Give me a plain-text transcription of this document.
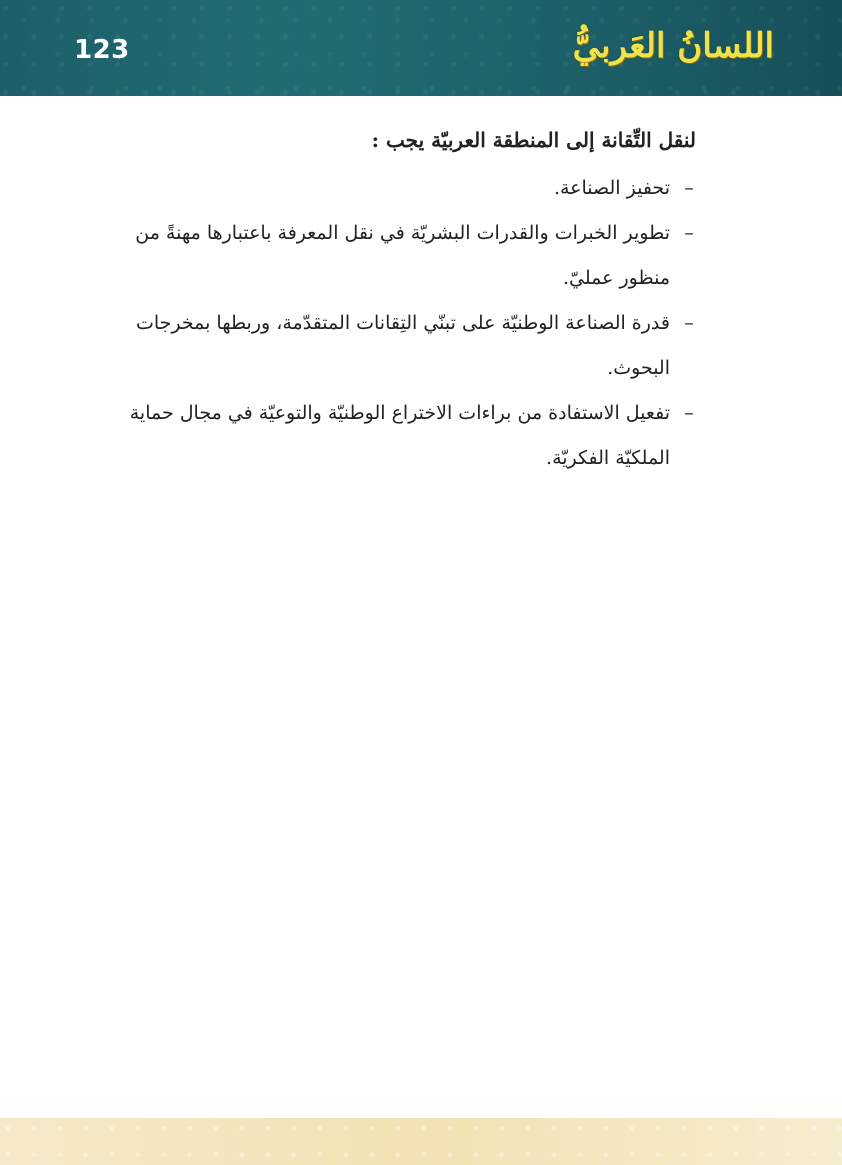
123	اللسانُ العَربيُّ

لنقل التِّقانة إلى المنطقة العربيّة يجب :

–
تحفيز الصناعة.
–
تطوير الخبرات والقدرات البشريّة في نقل المعرفة باعتبارها مهنةً من منظور عمليّ.
–
قدرة الصناعة الوطنيّة على تبنّي التِقانات المتقدّمة، وربطها بمخرجات البحوث.
–
تفعيل الاستفادة من براءات الاختراع الوطنيّة والتوعيّة في مجال حماية الملكيّة الفكريّة.
